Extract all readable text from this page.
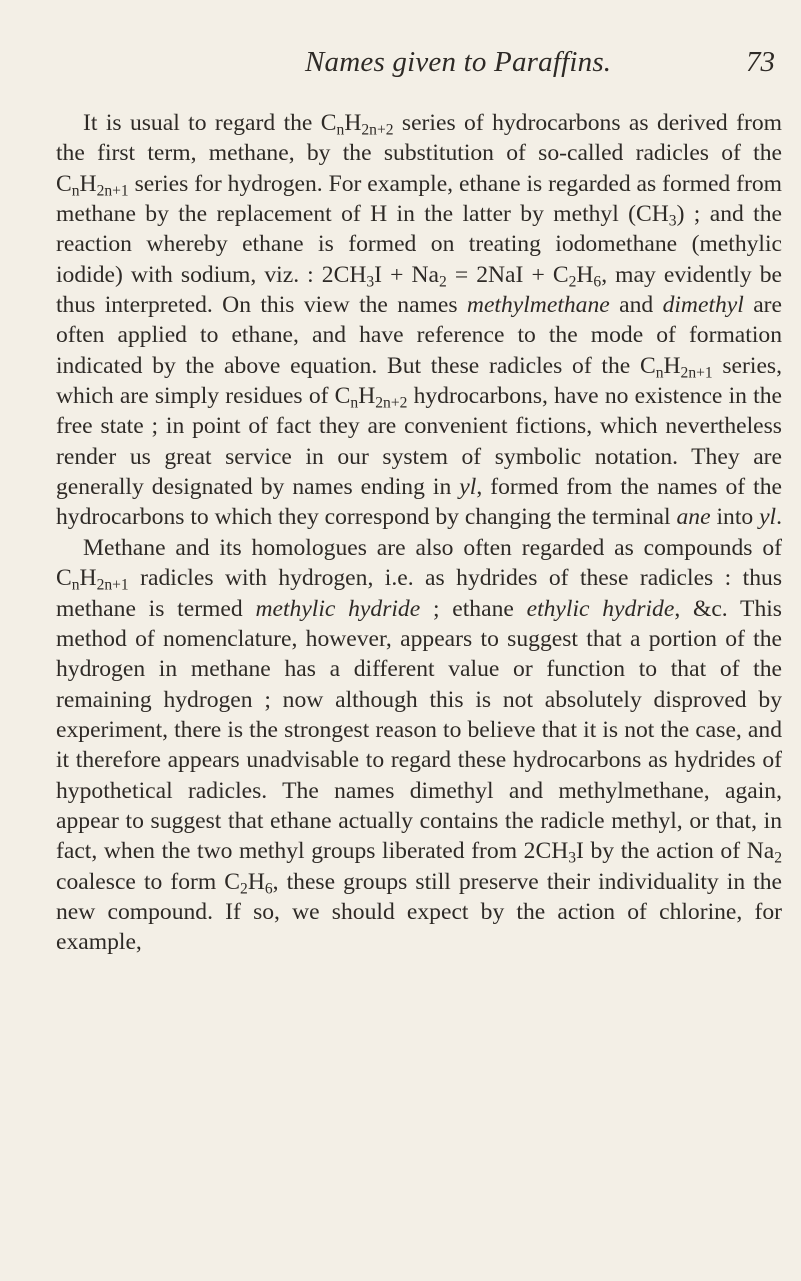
Names given to Paraffins.	73

It is usual to regard the $C_nH_{2n+2}$ series of hydrocarbons as derived from the first term, methane, by the substitution of so-called radicles of the $C_nH_{2n+1}$ series for hydrogen. For example, ethane is regarded as formed from methane by the replacement of H in the latter by methyl $(CH_3)$ ; and the reaction whereby ethane is formed on treating iodomethane (methylic iodide) with sodium, viz. : $2CH_3I + Na_2 = 2NaI + C_2H_6$, may evidently be thus interpreted. On this view the names methylmethane and dimethyl are often applied to ethane, and have reference to the mode of formation indicated by the above equation. But these radicles of the $C_nH_{2n+1}$ series, which are simply residues of $C_nH_{2n+2}$ hydrocarbons, have no existence in the free state ; in point of fact they are convenient fictions, which nevertheless render us great service in our system of symbolic notation. They are generally designated by names ending in yl, formed from the names of the hydrocarbons to which they correspond by changing the terminal ane into yl.

Methane and its homologues are also often regarded as compounds of $C_nH_{2n+1}$ radicles with hydrogen, i.e. as hydrides of these radicles : thus methane is termed methylic hydride ; ethane ethylic hydride, &c. This method of nomenclature, however, appears to suggest that a portion of the hydrogen in methane has a different value or function to that of the remaining hydrogen ; now although this is not absolutely disproved by experiment, there is the strongest reason to believe that it is not the case, and it therefore appears unadvisable to regard these hydrocarbons as hydrides of hypothetical radicles. The names dimethyl and methylmethane, again, appear to suggest that ethane actually contains the radicle methyl, or that, in fact, when the two methyl groups liberated from $2CH_3I$ by the action of $Na_2$ coalesce to form $C_2H_6$, these groups still preserve their individuality in the new compound. If so, we should expect by the action of chlorine, for example,
